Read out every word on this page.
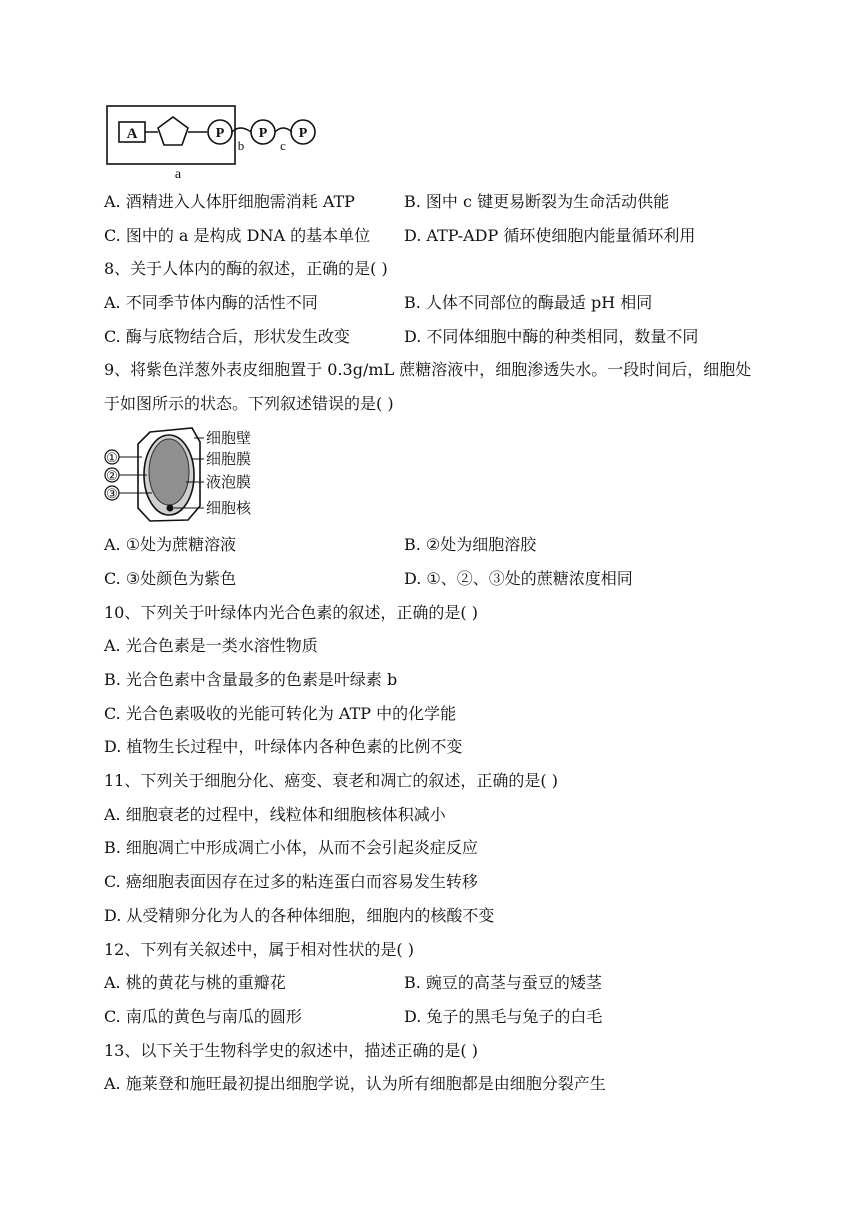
A	P
b
P
c
P
a
A. 酒精进入人体肝细胞需消耗 ATP	B. 图中 c 键更易断裂为生命活动供能
C. 图中的 a 是构成 DNA 的基本单位 D. ATP-ADP 循环使细胞内能量循环利用
8、关于人体内的酶的叙述，正确的是( )
A. 不同季节体内酶的活性不同	B. 人体不同部位的酶最适 pH 相同
C. 酶与底物结合后，形状发生改变	D. 不同体细胞中酶的种类相同，数量不同
9、将紫色洋葱外表皮细胞置于 0.3g/mL 蔗糖溶液中，细胞渗透失水。一段时间后，细胞处
于如图所示的状态。下列叙述错误的是( )
①
②
③
细胞壁
细胞膜
液泡膜
细胞核
A. ①处为蔗糖溶液	B. ②处为细胞溶胶
C. ③处颜色为紫色	D. ①、②、③处的蔗糖浓度相同
10、下列关于叶绿体内光合色素的叙述，正确的是( )
A. 光合色素是一类水溶性物质
B. 光合色素中含量最多的色素是叶绿素 b
C. 光合色素吸收的光能可转化为 ATP 中的化学能
D. 植物生长过程中，叶绿体内各种色素的比例不变
11、下列关于细胞分化、癌变、衰老和凋亡的叙述，正确的是( )
A. 细胞衰老的过程中，线粒体和细胞核体积减小
B. 细胞凋亡中形成凋亡小体，从而不会引起炎症反应
C. 癌细胞表面因存在过多的粘连蛋白而容易发生转移
D. 从受精卵分化为人的各种体细胞，细胞内的核酸不变
12、下列有关叙述中，属于相对性状的是( )
A. 桃的黄花与桃的重瓣花	B. 豌豆的高茎与蚕豆的矮茎
C. 南瓜的黄色与南瓜的圆形	D. 兔子的黑毛与兔子的白毛
13、以下关于生物科学史的叙述中，描述正确的是( )
A. 施莱登和施旺最初提出细胞学说，认为所有细胞都是由细胞分裂产生
